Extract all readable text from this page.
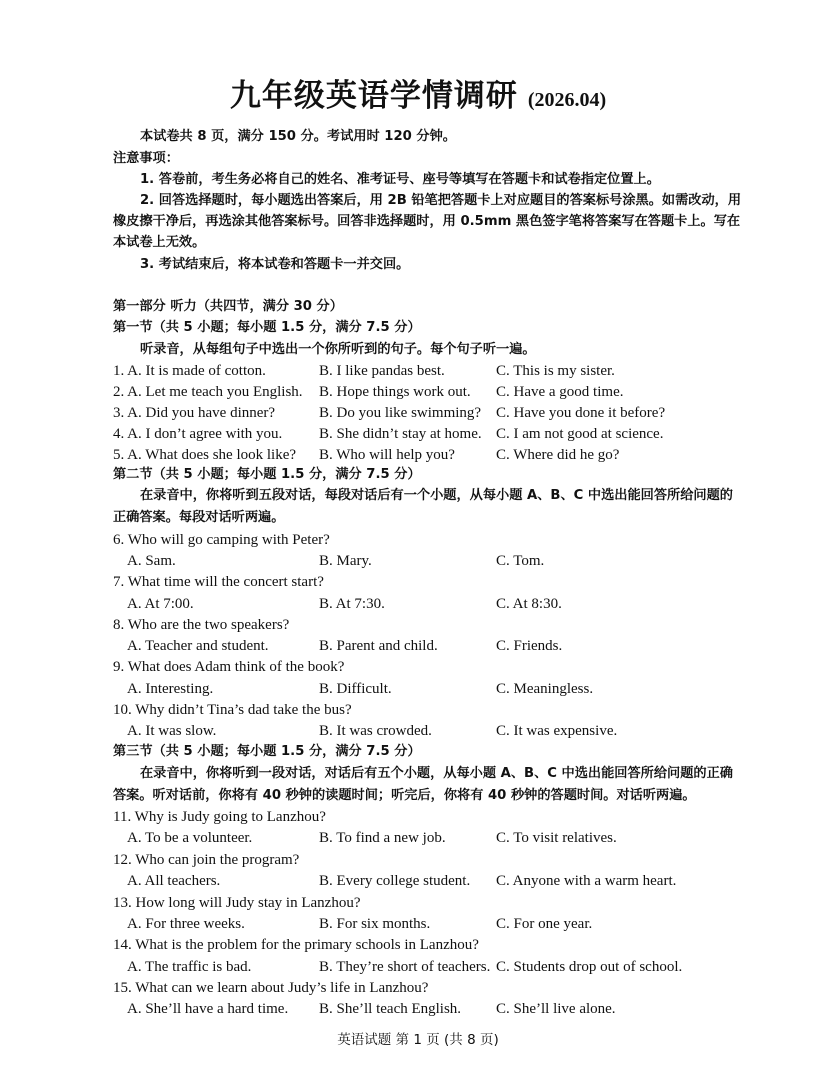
九年级英语学情调研 (2026.04)
本试卷共 8 页，满分 150 分。考试用时 120 分钟。
注意事项：
1. 答卷前，考生务必将自己的姓名、准考证号、座号等填写在答题卡和试卷指定位置上。
2. 回答选择题时，每小题选出答案后，用 2B 铅笔把答题卡上对应题目的答案标号涂黑。如需改动，用
橡皮擦干净后，再选涂其他答案标号。回答非选择题时，用 0.5mm 黑色签字笔将答案写在答题卡上。写在
本试卷上无效。
3. 考试结束后，将本试卷和答题卡一并交回。
第一部分 听力（共四节，满分 30 分）
第一节（共 5 小题；每小题 1.5 分，满分 7.5 分）
听录音，从每组句子中选出一个你所听到的句子。每个句子听一遍。
1. A. It is made of cotton.	B. I like pandas best.	C. This is my sister.
2. A. Let me teach you English. B. Hope things work out. C. Have a good time.
3. A. Did you have dinner?	B. Do you like swimming? C. Have you done it before?
4. A. I don’t agree with you. B. She didn’t stay at home. C. I am not good at science.
5. A. What does she look like? B. Who will help you?	C. Where did he go?
第二节（共 5 小题；每小题 1.5 分，满分 7.5 分）
在录音中，你将听到五段对话，每段对话后有一个小题，从每小题 A、B、C 中选出能回答所给问题的
正确答案。每段对话听两遍。
6. Who will go camping with Peter?
A. Sam.	B. Mary.	C. Tom.
7. What time will the concert start?
A. At 7:00.	B. At 7:30.	C. At 8:30.
8. Who are the two speakers?
A. Teacher and student.	B. Parent and child.	C. Friends.
9. What does Adam think of the book?
A. Interesting.	B. Difficult.	C. Meaningless.
10. Why didn’t Tina’s dad take the bus?
A. It was slow.	B. It was crowded.	C. It was expensive.
第三节（共 5 小题；每小题 1.5 分，满分 7.5 分）
在录音中，你将听到一段对话，对话后有五个小题，从每小题 A、B、C 中选出能回答所给问题的正确
答案。听对话前，你将有 40 秒钟的读题时间；听完后，你将有 40 秒钟的答题时间。对话听两遍。
11. Why is Judy going to Lanzhou?
A. To be a volunteer.	B. To find a new job.	C. To visit relatives.
12. Who can join the program?
A. All teachers.	B. Every college student. C. Anyone with a warm heart.
13. How long will Judy stay in Lanzhou?
A. For three weeks.	B. For six months.	C. For one year.
14. What is the problem for the primary schools in Lanzhou?
A. The traffic is bad.	B. They’re short of teachers. C. Students drop out of school.
15. What can we learn about Judy’s life in Lanzhou?
A. She’ll have a hard time. B. She’ll teach English. C. She’ll live alone.
英语试题 第 1 页 (共 8 页)
